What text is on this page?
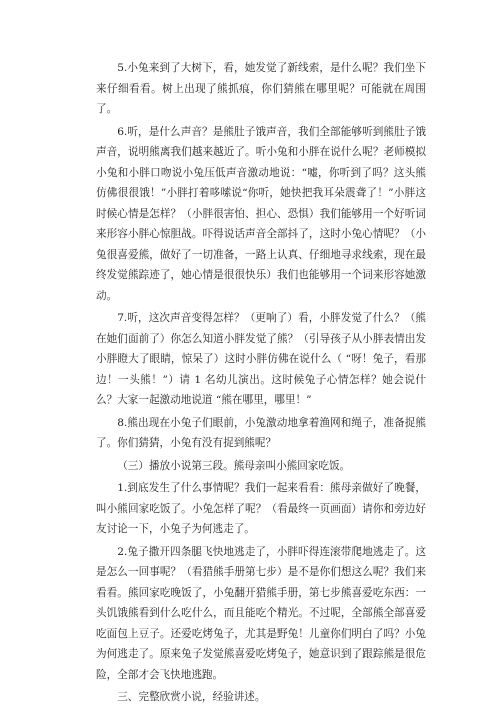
5.小兔来到了大树下，看，她发觉了新线索，是什么呢？我们坐下来仔细看看。树上出现了熊抓痕，你们猜熊在哪里呢？可能就在周围了。

6.听，是什么声音？是熊肚子饿声音，我们全部能够听到熊肚子饿声音，说明熊离我们越来越近了。听小兔和小胖在说什么呢？老师模拟小兔和小胖口吻说小兔压低声音激动地说：“嘘，你听到了吗？这头熊仿佛很很饿！”小胖打着哆嗦说“你听，她快把我耳朵震聋了！”小胖这时候心情是怎样？（小胖很害怕、担心、恐惧）我们能够用一个好听词来形容小胖心惊胆战。吓得说话声音全部抖了，这时小兔心情呢？（小兔很喜爱熊，做好了一切准备，一路上认真、仔细地寻求线索，现在最终发觉熊踪迹了，她心情是很很快乐）我们也能够用一个词来形容她激动。

7.听，这次声音变得怎样？（更响了）看，小胖发觉了什么？（熊在她们面前了）你怎么知道小胖发觉了熊？（引导孩子从小胖表情出发 小胖瞪大了眼睛，惊呆了）这时小胖仿佛在说什么（ “呀！兔子，看那边！一头熊！”）请 1 名幼儿演出。这时候兔子心情怎样？她会说什么？大家一起激动地说道 “熊在哪里，哪里！”

8.熊出现在小兔子们眼前，小兔激动地拿着渔网和绳子，准备捉熊了。你们猜猜，小兔有没有捉到熊呢？

（三）播放小说第三段。熊母亲叫小熊回家吃饭。

1.到底发生了什么事情呢？我们一起来看看：熊母亲做好了晚餐，叫小熊回家吃饭了。小兔怎样了呢？（看最终一页画面）请你和旁边好友讨论一下，小兔子为何逃走了。

2.兔子撒开四条腿飞快地逃走了，小胖吓得连滚带爬地逃走了。这是怎么一回事呢？（看猎熊手册第七步）是不是你们想这么呢？我们来看看。熊回家吃晚饭了，小兔翻开猎熊手册，第七步熊喜爱吃东西：一头饥饿熊看到什么吃什么，而且能吃个精光。不过呢，全部熊全部喜爱吃面包上豆子。还爱吃烤兔子，尤其是野兔！儿童你们明白了吗？小兔为何逃走了。原来兔子发觉熊喜爱吃烤兔子，她意识到了跟踪熊是很危险，全部才会飞快地逃跑。

三、完整欣赏小说，经验讲述。
